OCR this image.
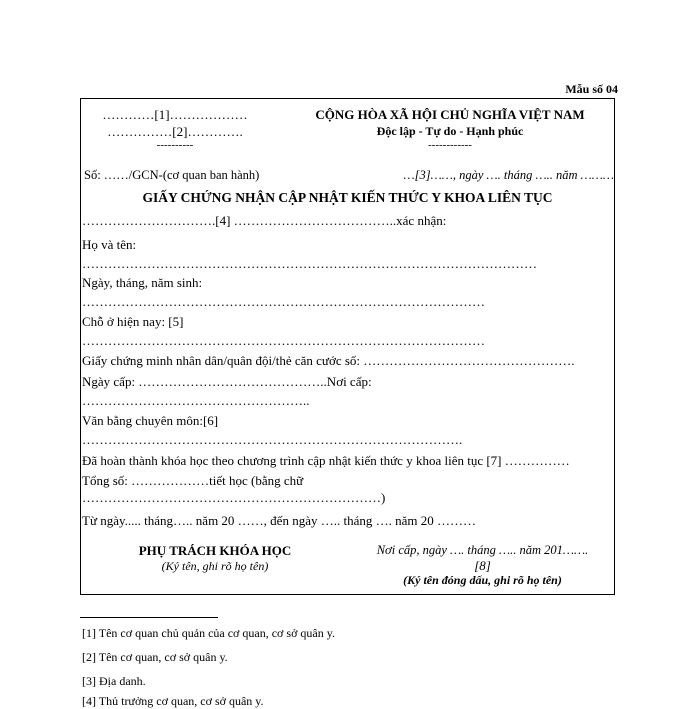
Mẫu số 04
…………[1]………………
……………[2]………….
----------
CỘNG HÒA XÃ HỘI CHỦ NGHĨA VIỆT NAM
Độc lập - Tự do - Hạnh phúc
------------
Số: ……/GCN-(cơ quan ban hành)	…[3]……, ngày …. tháng ….. năm ………
GIẤY CHỨNG NHẬN CẬP NHẬT KIẾN THỨC Y KHOA LIÊN TỤC
………………………….[4] ………………………………..xác nhận:
Họ và tên:
……………………………………………………………………………………………
Ngày, tháng, năm sinh:
…………………………………………………………………………………
Chỗ ở hiện nay: [5]
…………………………………………………………………………………
Giấy chứng minh nhân dân/quân đội/thẻ căn cước số: ………………………………………….
Ngày cấp: ……………………………………..Nơi cấp:
……………………………………………..
Văn bằng chuyên môn:[6]
…………………………………………………………………………….
Đã hoàn thành khóa học theo chương trình cập nhật kiến thức y khoa liên tục [7] ……………
Tổng số: ………………tiết học (bằng chữ
……………………………………………………………)
Từ ngày..... tháng….. năm 20 ……, đến ngày ….. tháng …. năm 20 ………
PHỤ TRÁCH KHÓA HỌC
(Ký tên, ghi rõ họ tên)
Nơi cấp, ngày …. tháng ….. năm 201…….
[8]
(Ký tên đóng dấu, ghi rõ họ tên)
[1] Tên cơ quan chủ quản của cơ quan, cơ sở quân y.
[2] Tên cơ quan, cơ sở quân y.
[3] Địa danh.
[4] Thủ trưởng cơ quan, cơ sở quân y.
